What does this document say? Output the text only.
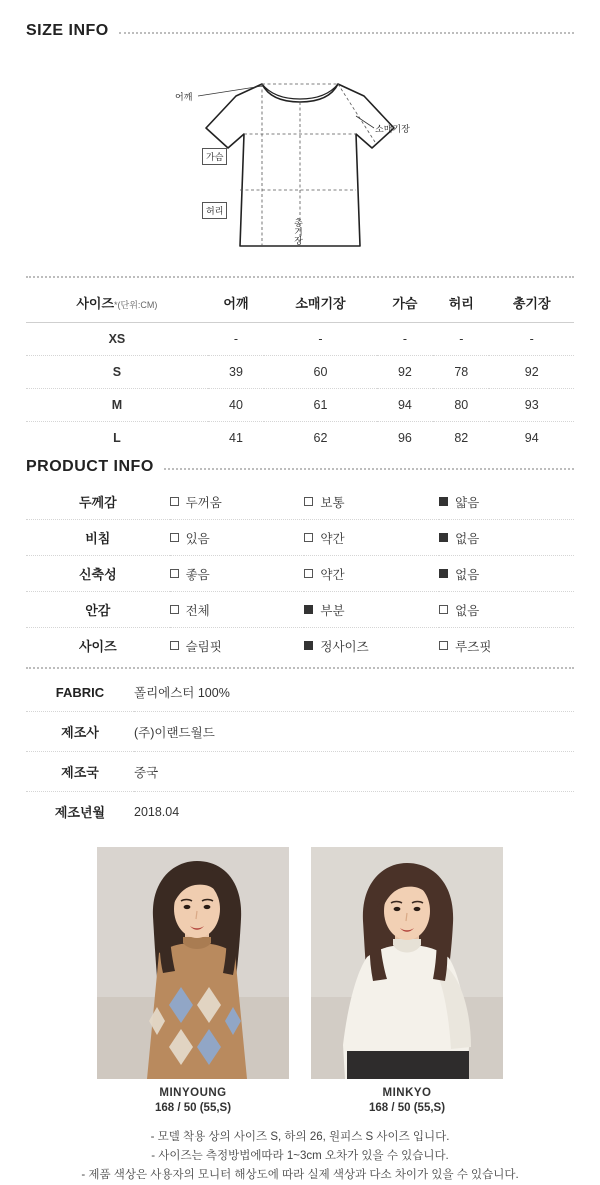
SIZE INFO
어깨
소매기장
가슴
허리
총기장
사이즈*(단위:CM)	어깨	소매기장	가슴	허리	총기장
XS	-	-	-	-	-
S	39	60	92	78	92
M	40	61	94	80	93
L	41	62	96	82	94
PRODUCT INFO
두께감	두꺼움	보통	얇음

비침	있음	약간	없음

신축성	좋음	약간	없음

안감	전체	부분	없음

사이즈	슬림핏	정사이즈	루즈핏
FABRIC	폴리에스터 100%
제조사	(주)이랜드월드
제조국	중국
제조년월	2018.04
MINYOUNG
168 / 50 (55,S)
MINKYO
168 / 50 (55,S)
- 모델 착용 상의 사이즈 S, 하의 26, 원피스 S 사이즈 입니다.
- 사이즈는 측정방법에따라 1~3cm 오차가 있을 수 있습니다.
- 제품 색상은 사용자의 모니터 해상도에 따라 실제 색상과 다소 차이가 있을 수 있습니다.
